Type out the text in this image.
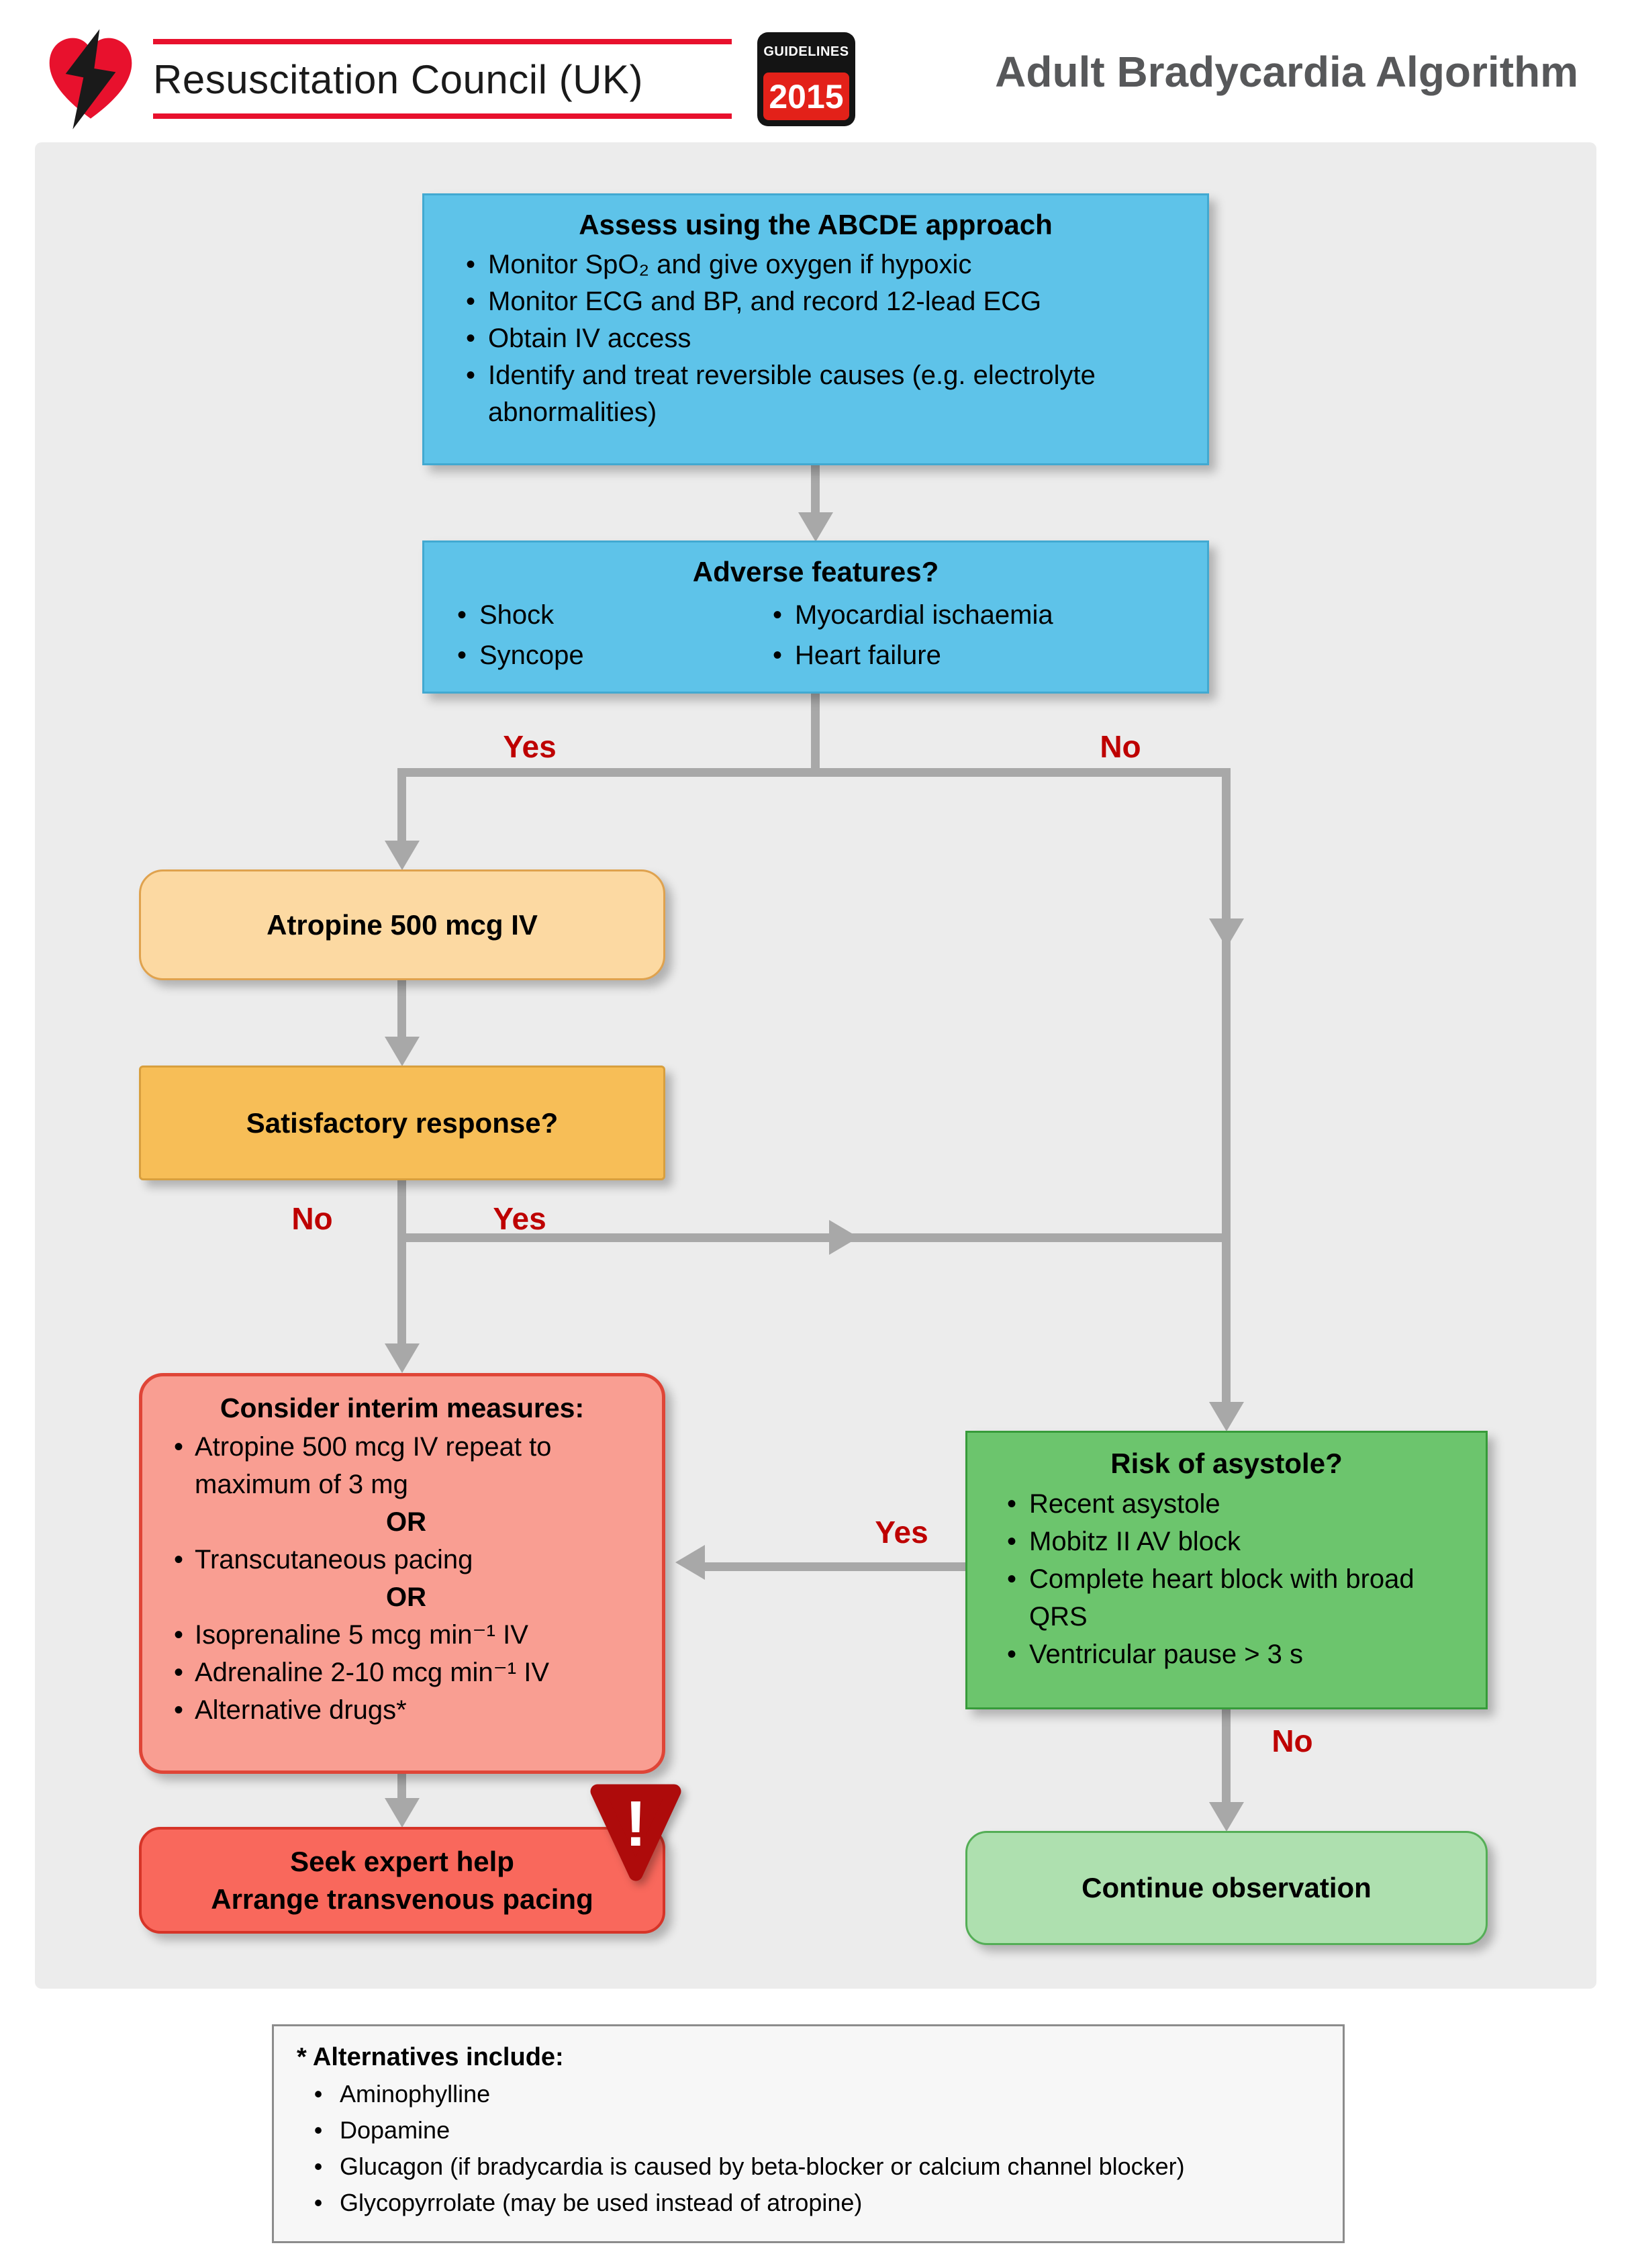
Resuscitation Council (UK)
GUIDELINES
2015
Adult Bradycardia Algorithm
Yes	No
No	Yes
Yes
No
Assess using the ABCDE approach
•
Monitor SpO₂ and give oxygen if hypoxic
•
Monitor ECG and BP, and record 12-lead ECG
•
Obtain IV access
•
Identify and treat reversible causes (e.g. electrolyte abnormalities)
Adverse features?
•
Shock
•
Syncope
•
Myocardial ischaemia
•
Heart failure
Atropine 500 mcg IV
Satisfactory response?
Consider interim measures:
•
Atropine 500 mcg IV repeat to maximum of 3 mg
OR
•
Transcutaneous pacing
OR
•
Isoprenaline 5 mcg min⁻¹ IV
•
Adrenaline 2-10 mcg min⁻¹ IV
•
Alternative drugs*
Seek expert help
Arrange transvenous pacing
!
Risk of asystole?
•
Recent asystole
•
Mobitz II AV block
•
Complete heart block with broad QRS
•
Ventricular pause > 3 s
Continue observation
* Alternatives include:
•
Aminophylline
•
Dopamine
•
Glucagon (if bradycardia is caused by beta-blocker or calcium channel blocker)
•
Glycopyrrolate (may be used instead of atropine)
